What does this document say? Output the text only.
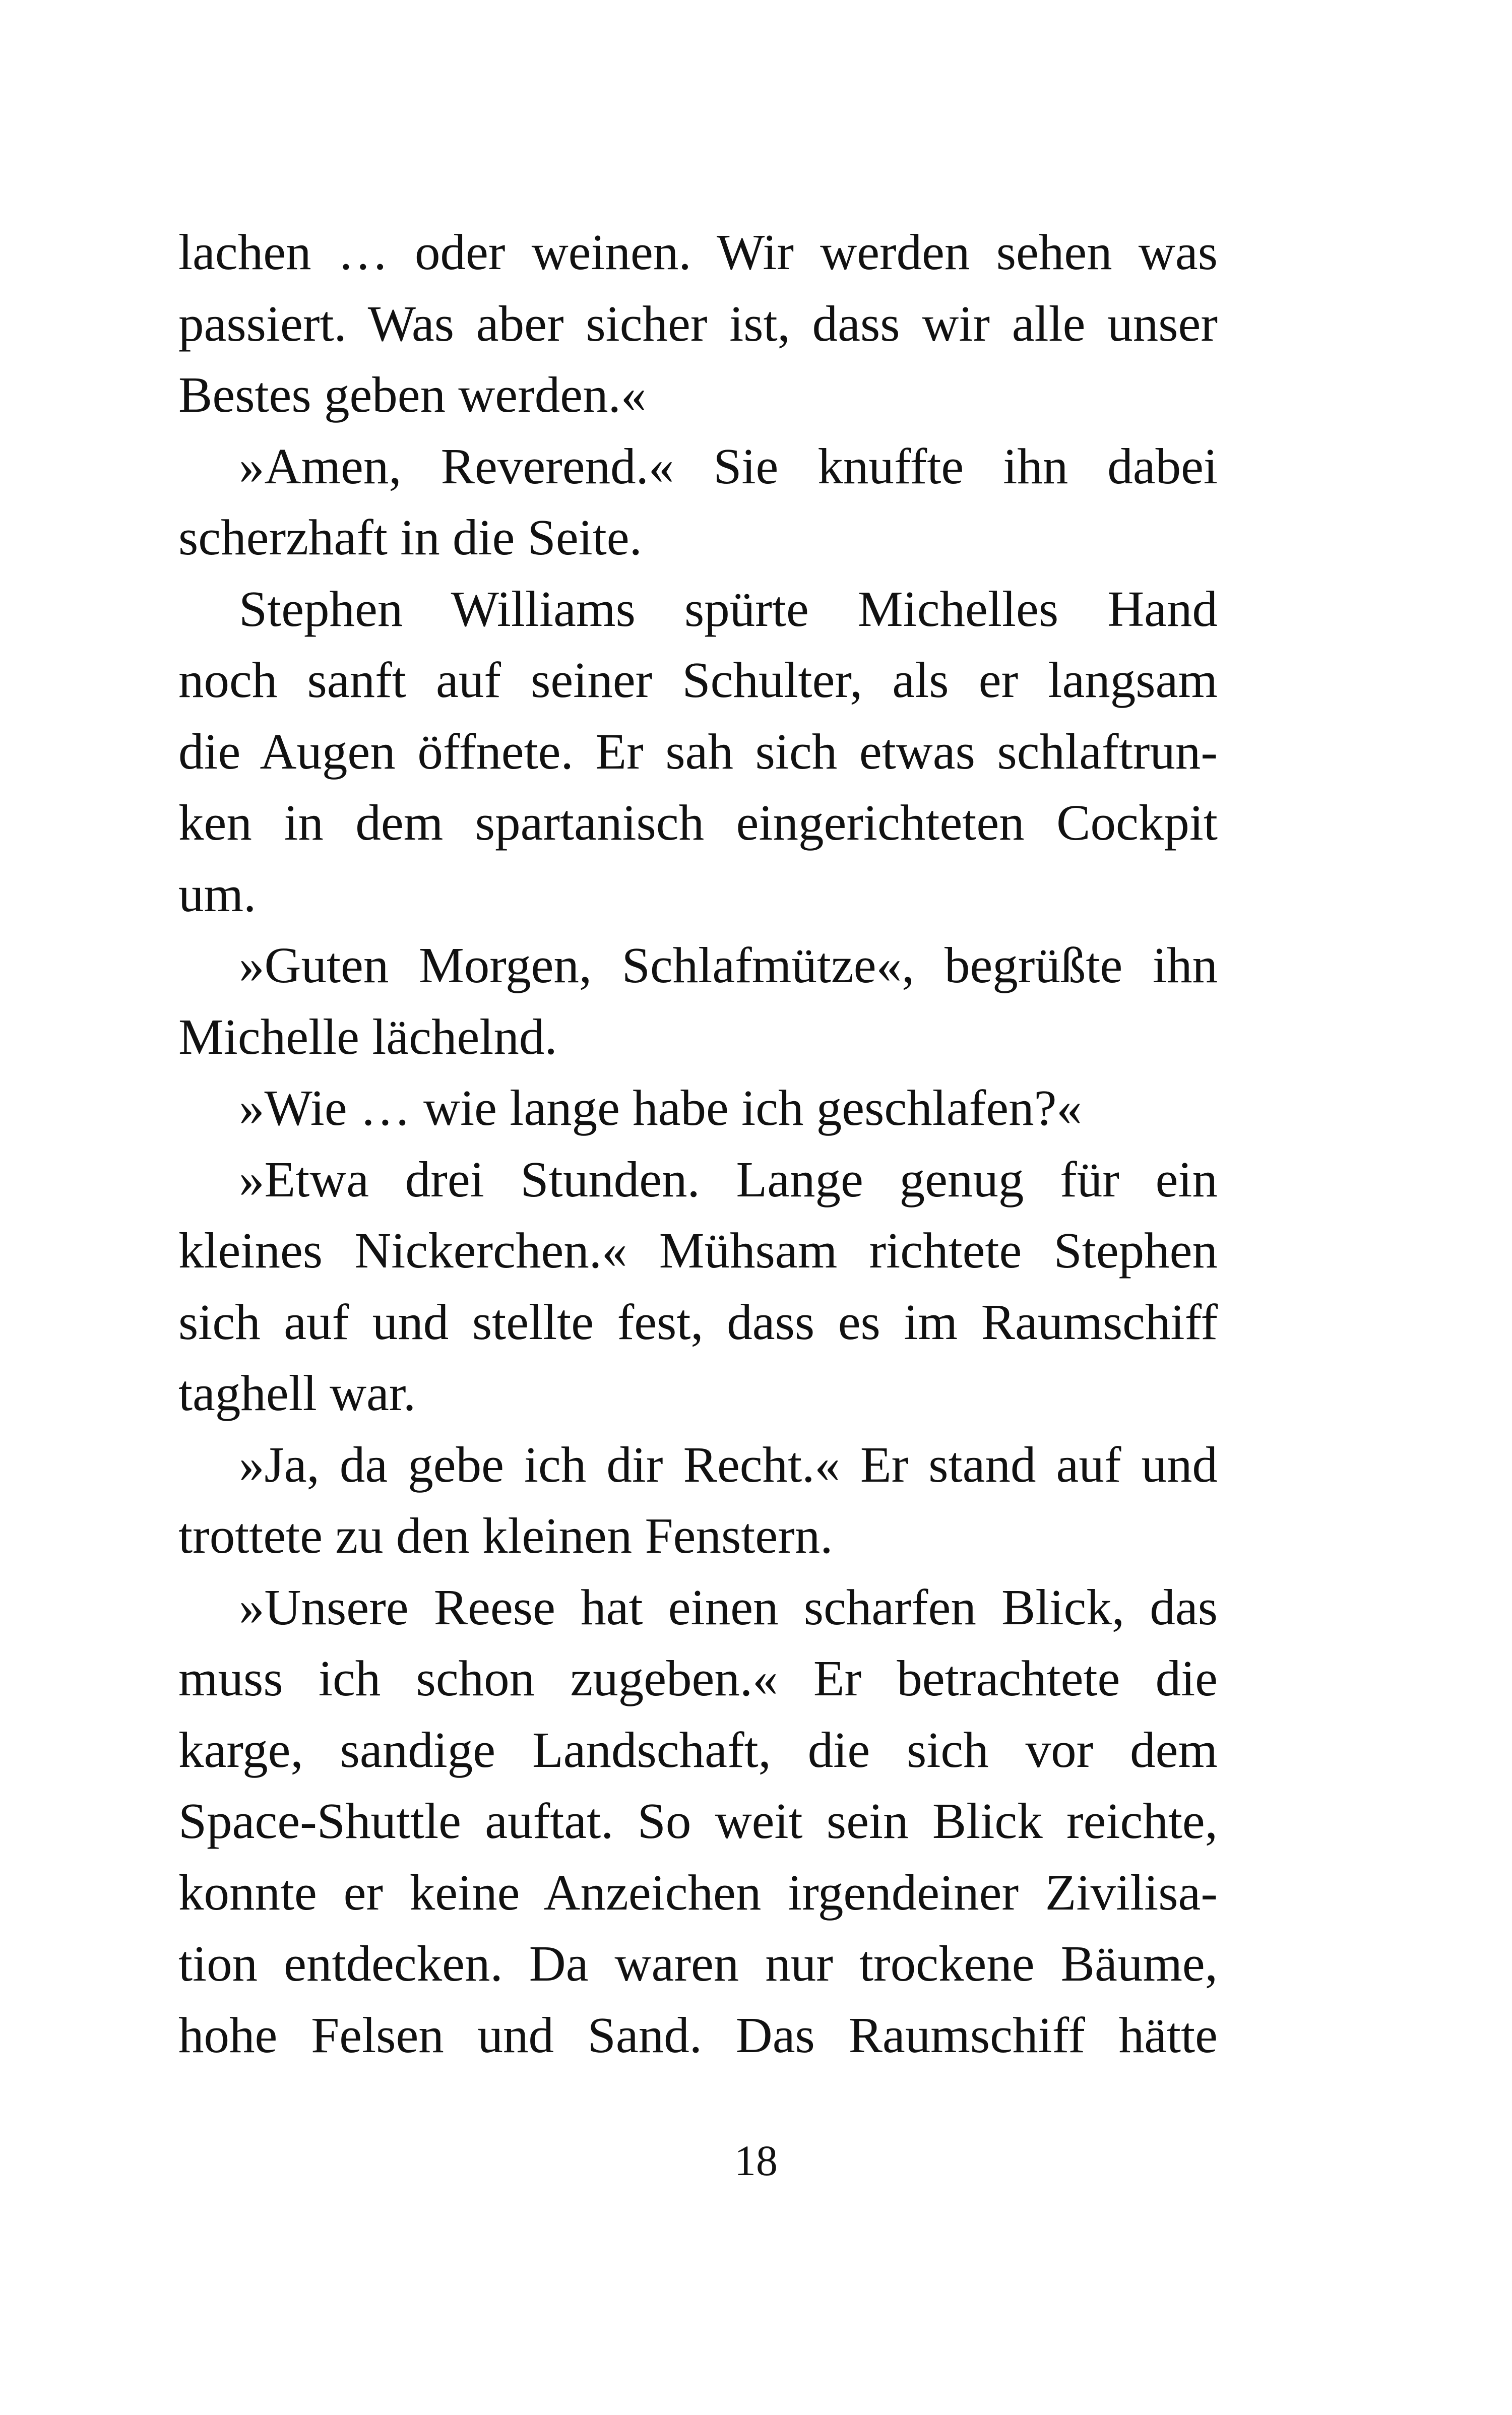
lachen … oder weinen. Wir werden sehen was
passiert. Was aber sicher ist, dass wir alle unser
Bestes geben werden.«
»Amen, Reverend.« Sie knuffte ihn dabei
scherzhaft in die Seite.
Stephen Williams spürte Michelles Hand
noch sanft auf seiner Schulter, als er langsam
die Augen öffnete. Er sah sich etwas schlaftrun-
ken in dem spartanisch eingerichteten Cockpit
um.
»Guten Morgen, Schlafmütze«, begrüßte ihn
Michelle lächelnd.
»Wie … wie lange habe ich geschlafen?«
»Etwa drei Stunden. Lange genug für ein
kleines Nickerchen.« Mühsam richtete Stephen
sich auf und stellte fest, dass es im Raumschiff
taghell war.
»Ja, da gebe ich dir Recht.« Er stand auf und
trottete zu den kleinen Fenstern.
»Unsere Reese hat einen scharfen Blick, das
muss ich schon zugeben.« Er betrachtete die
karge, sandige Landschaft, die sich vor dem
Space-Shuttle auftat. So weit sein Blick reichte,
konnte er keine Anzeichen irgendeiner Zivilisa-
tion entdecken. Da waren nur trockene Bäume,
hohe Felsen und Sand. Das Raumschiff hätte
18
